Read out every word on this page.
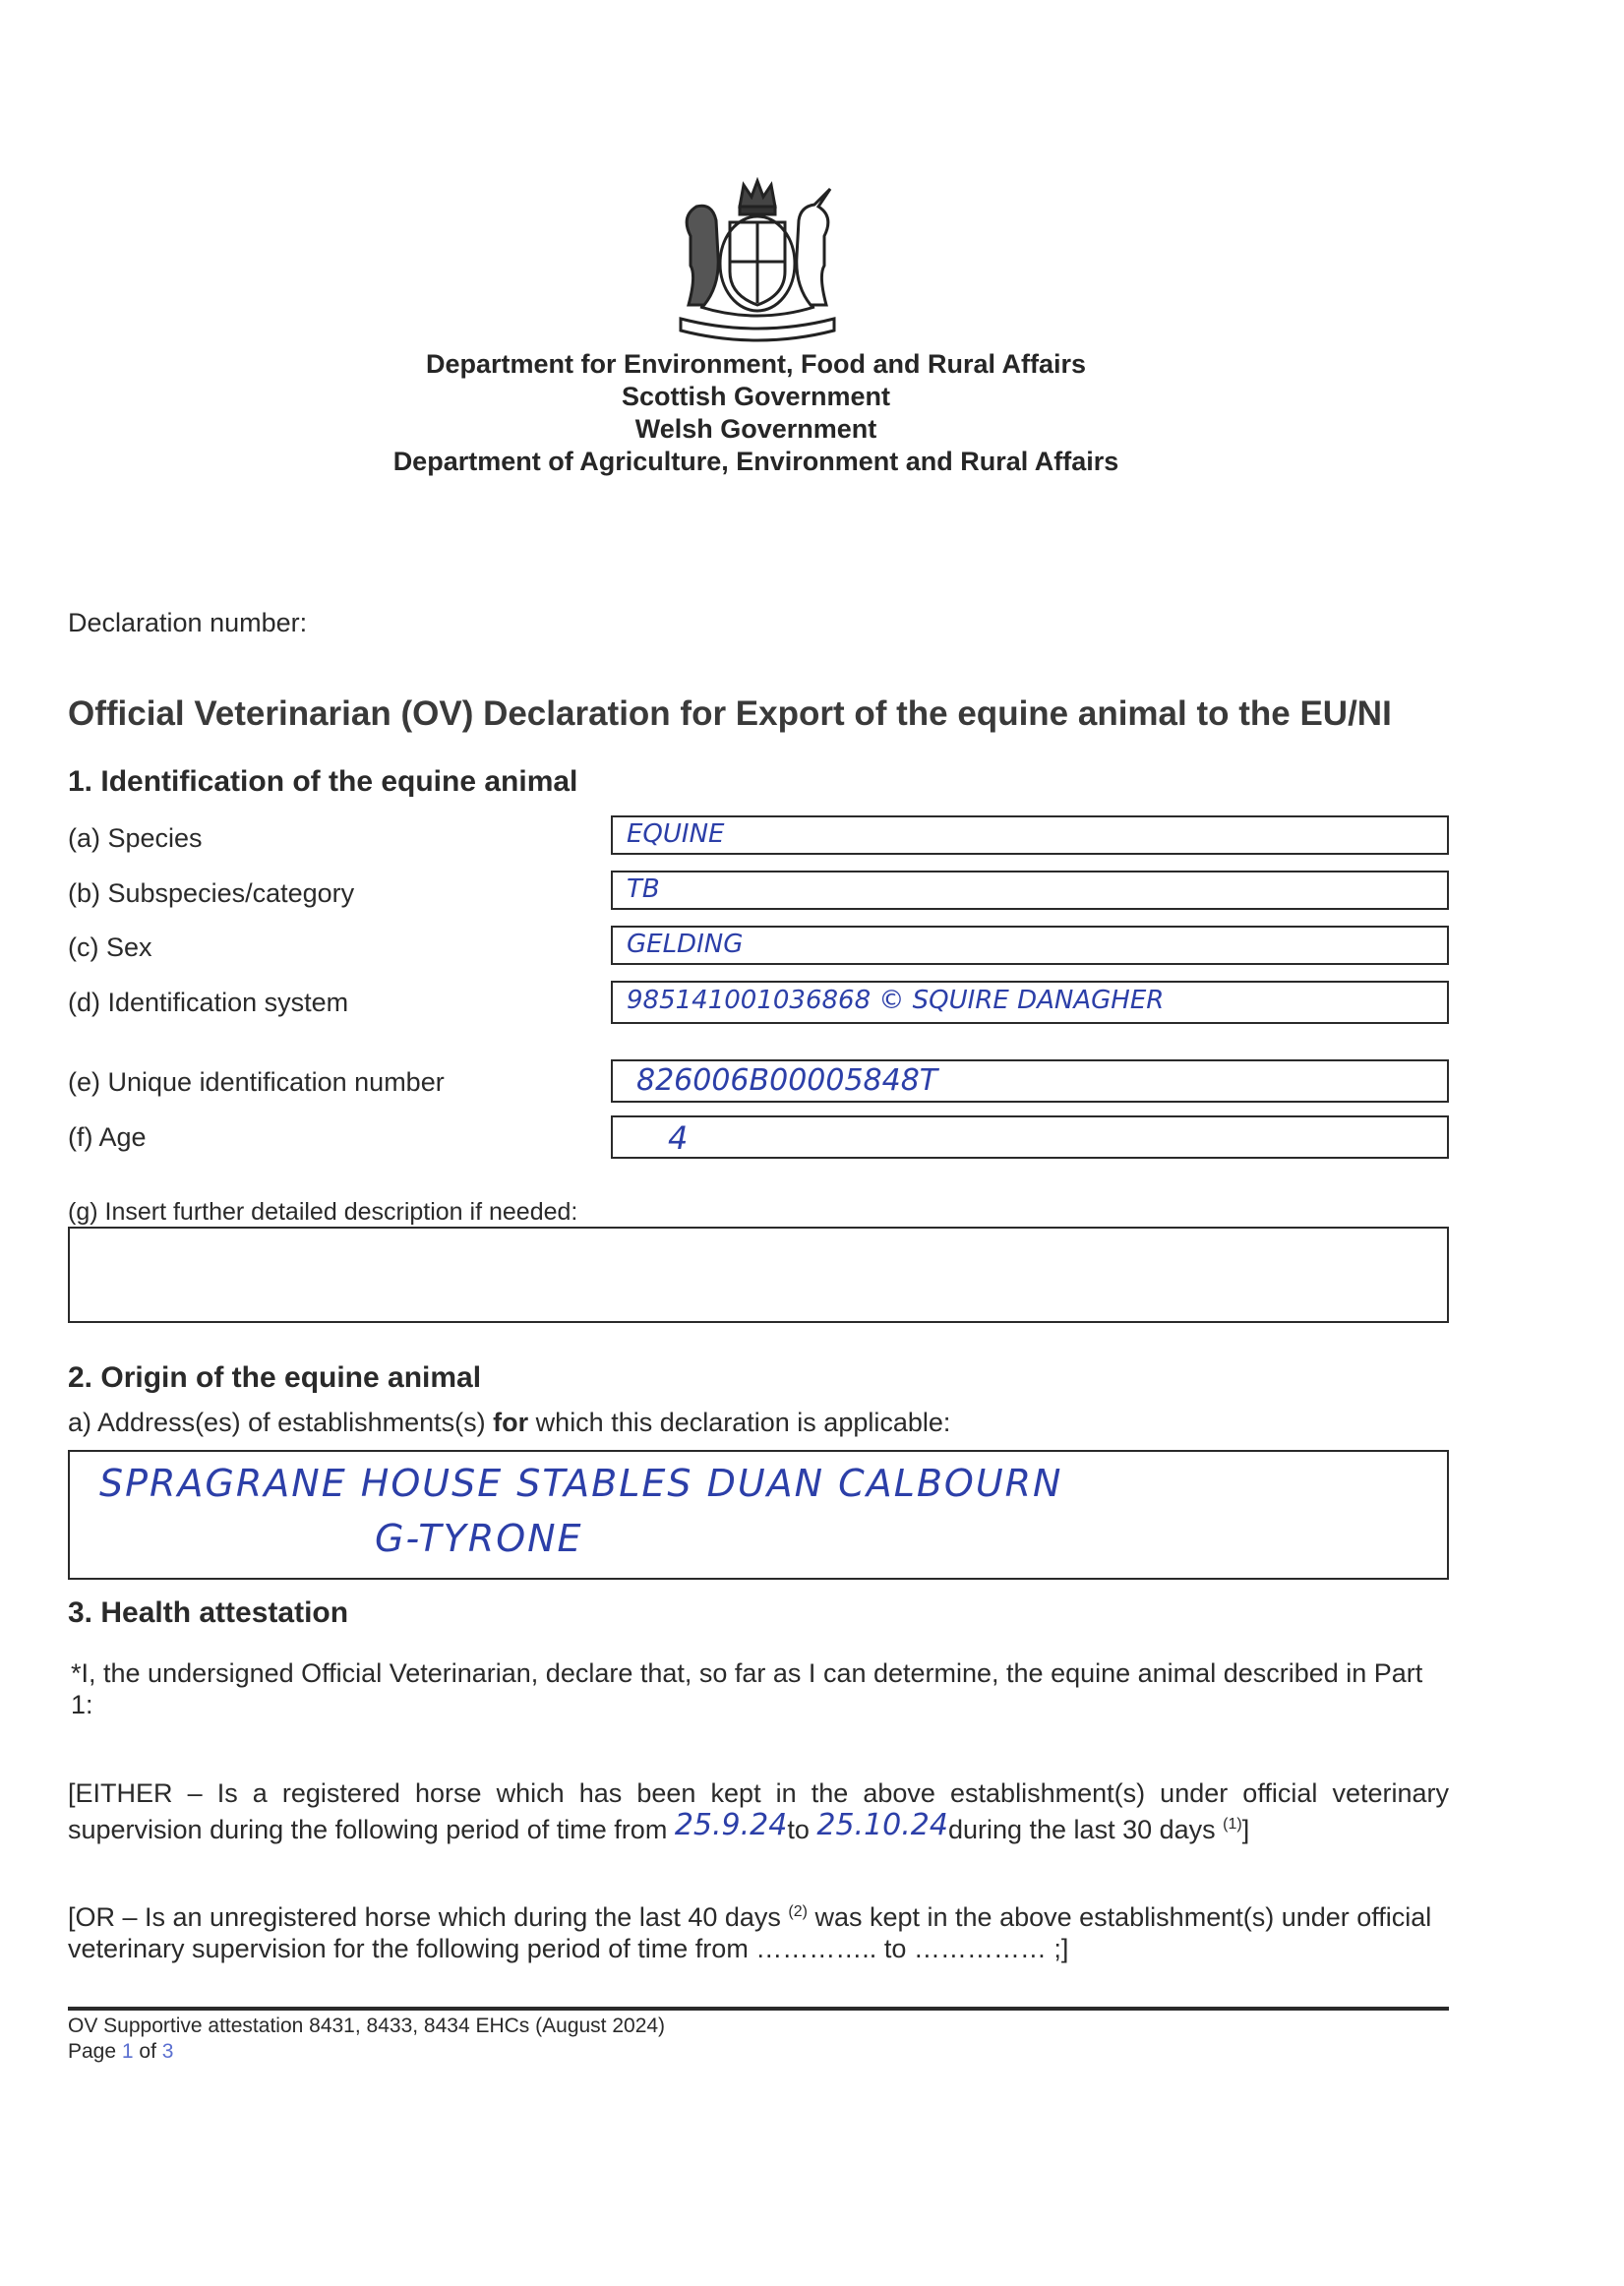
Department for Environment, Food and Rural Affairs
Scottish Government
Welsh Government
Department of Agriculture, Environment and Rural Affairs
Declaration number:
Official Veterinarian (OV) Declaration for Export of the equine animal to the EU/NI
1. Identification of the equine animal
(a) Species	EQUINE
(b) Subspecies/category	TB
(c) Sex	GELDING
(d) Identification system	985141001036868 © SQUIRE DANAGHER
(e) Unique identification number	826006B00005848T
(f) Age	4
(g) Insert further detailed description if needed:
2. Origin of the equine animal
a) Address(es) of establishments(s) for which this declaration is applicable:
SPRAGRANE HOUSE STABLES DUAN CALBOURN
G-TYRONE
3. Health attestation
*I, the undersigned Official Veterinarian, declare that, so far as I can determine, the equine animal described in Part 1:
[EITHER – Is a registered horse which has been kept in the above establishment(s) under official veterinary
supervision during the following period of time from 25.9.24to 25.10.24during the last 30 days $^{(1)}$]
[OR – Is an unregistered horse which during the last 40 days $^{(2)}$ was kept in the above establishment(s) under official
veterinary supervision for the following period of time from ………….. to …………… ;]
OV Supportive attestation 8431, 8433, 8434 EHCs (August 2024)
Page 1 of 3
